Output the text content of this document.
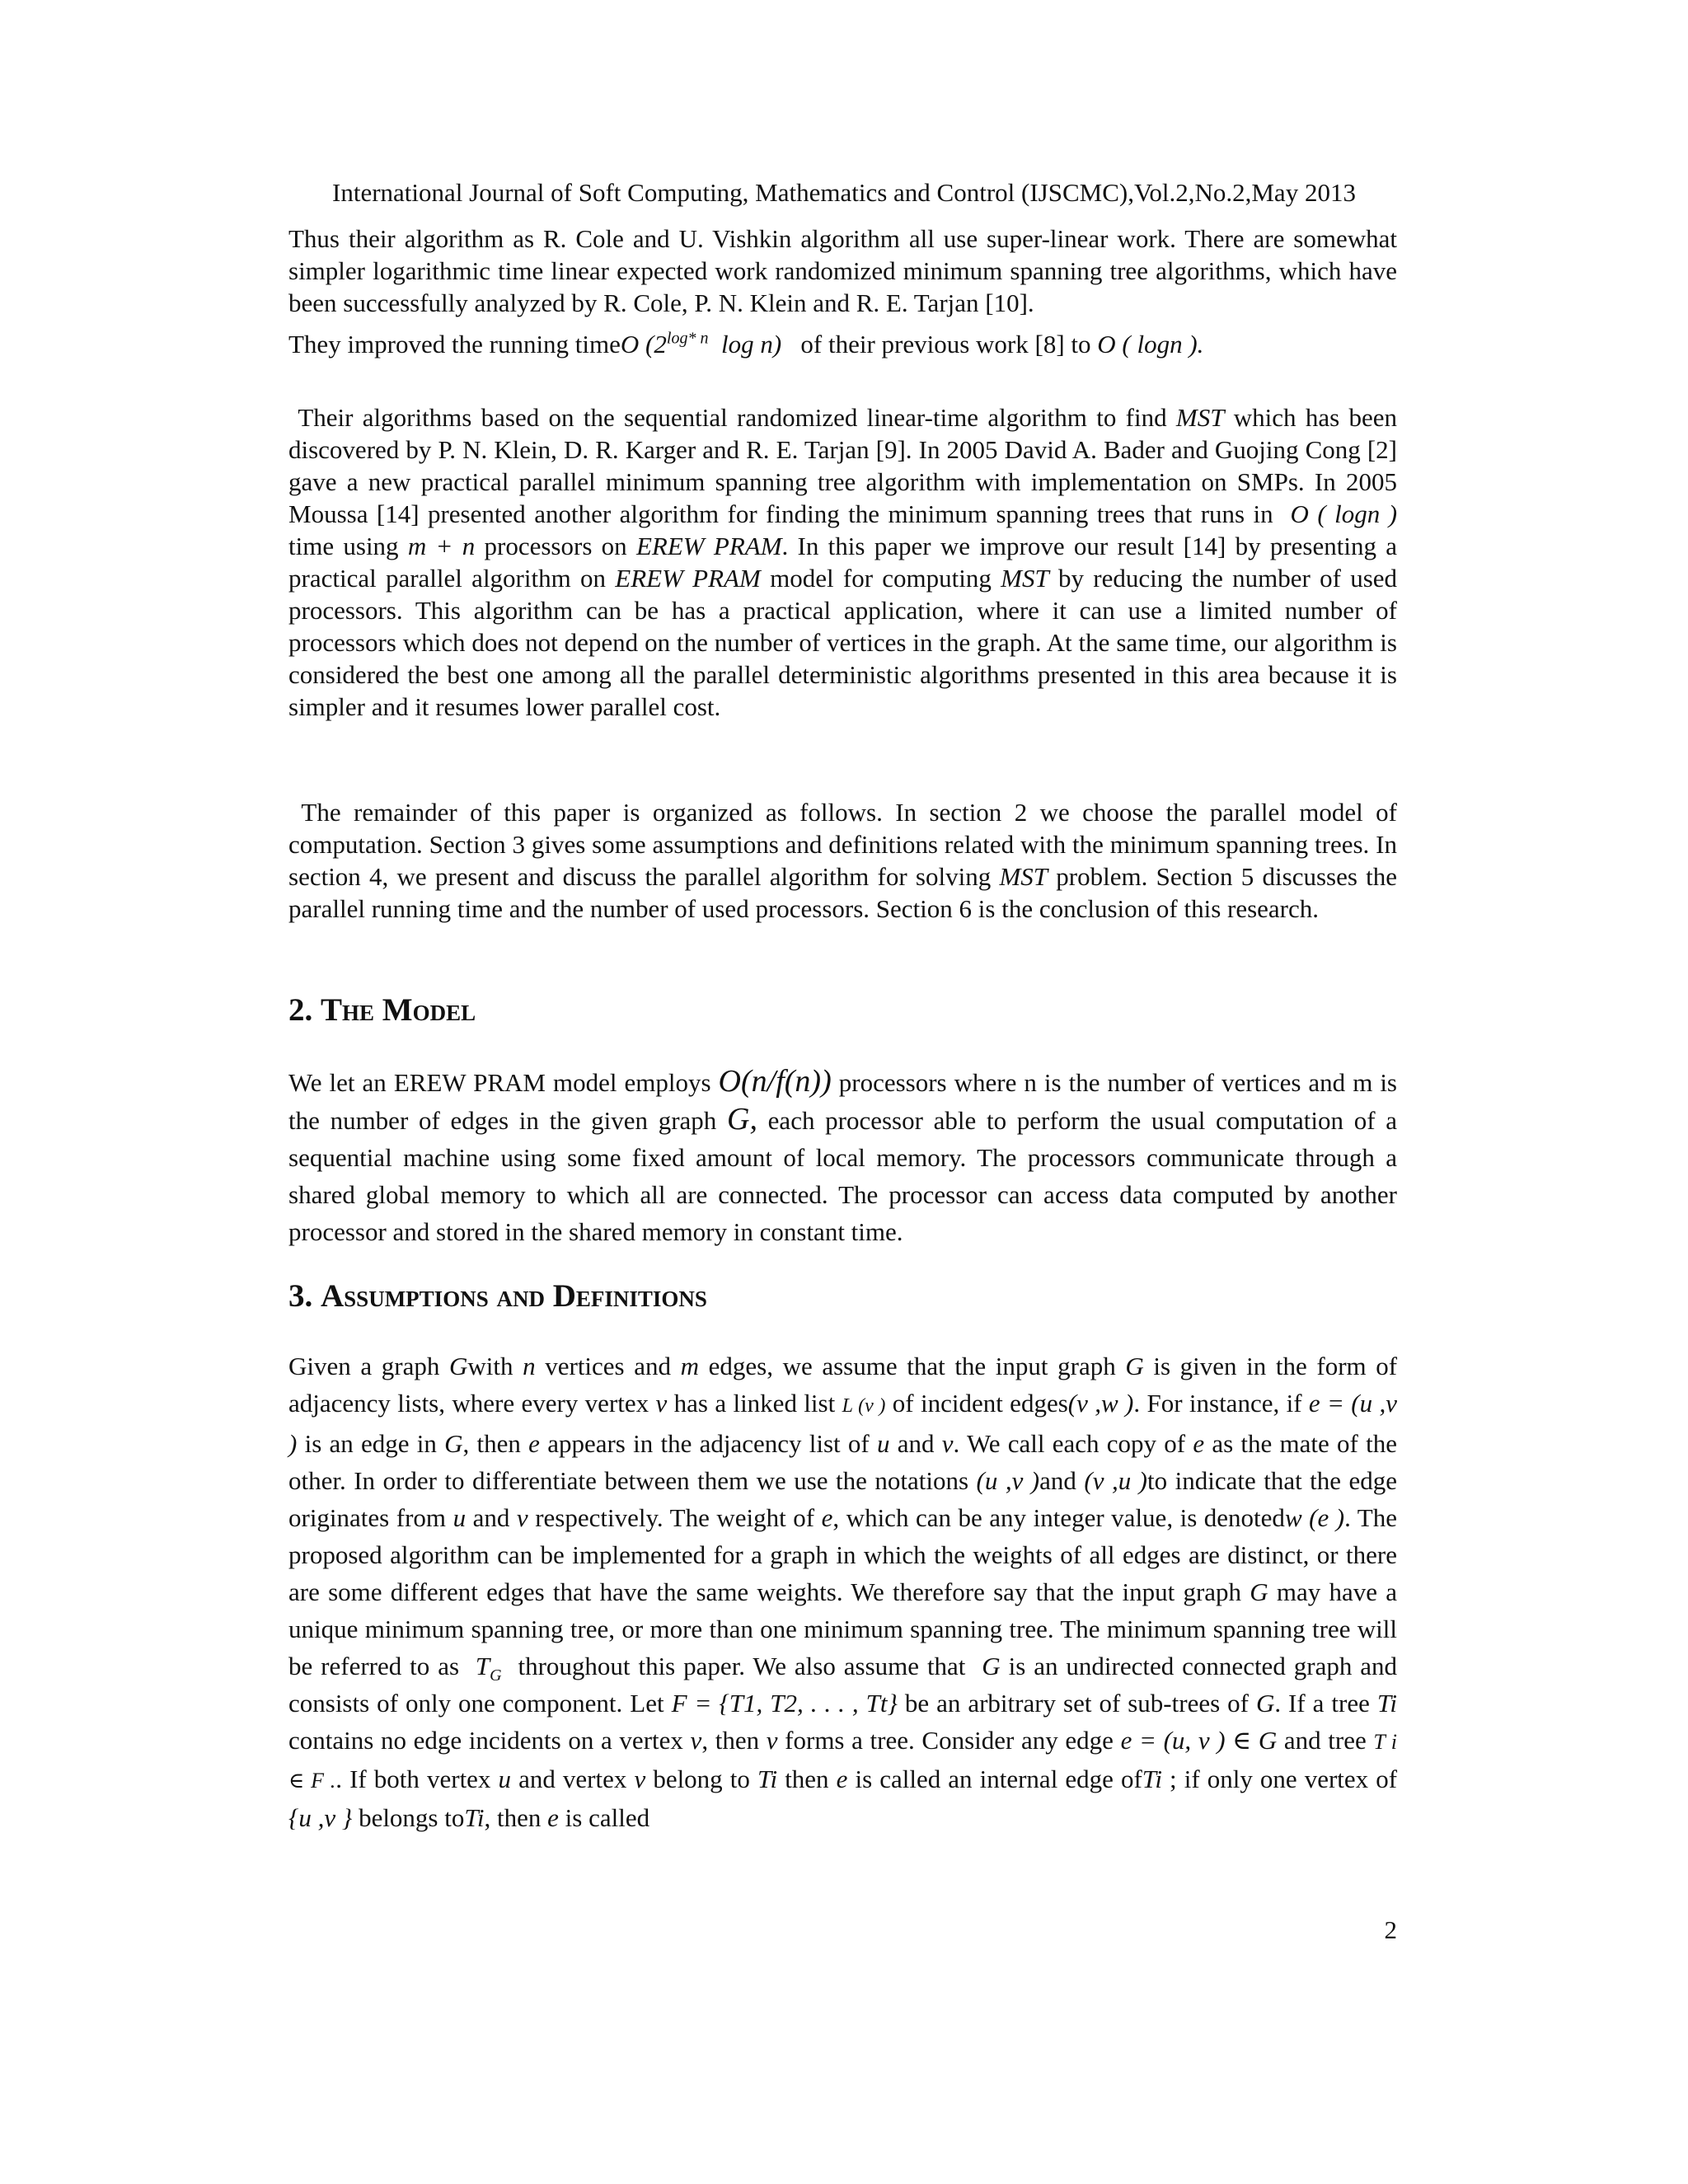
International Journal of Soft Computing, Mathematics and Control (IJSCMC),Vol.2,No.2,May 2013

Thus their algorithm as R. Cole and U. Vishkin algorithm all use super-linear work. There are somewhat simpler logarithmic time linear expected work randomized minimum spanning tree algorithms, which have been successfully analyzed by R. Cole, P. N. Klein and R. E. Tarjan [10].

They improved the running timeO ($2^{log* n}$ log n) of their previous work [8] to O ( logn ).

Their algorithms based on the sequential randomized linear-time algorithm to find MST which has been discovered by P. N. Klein, D. R. Karger and R. E. Tarjan [9]. In 2005 David A. Bader and Guojing Cong [2] gave a new practical parallel minimum spanning tree algorithm with implementation on SMPs. In 2005 Moussa [14] presented another algorithm for finding the minimum spanning trees that runs in O ( logn ) time using m + n processors on EREW PRAM. In this paper we improve our result [14] by presenting a practical parallel algorithm on EREW PRAM model for computing MST by reducing the number of used processors. This algorithm can be has a practical application, where it can use a limited number of processors which does not depend on the number of vertices in the graph. At the same time, our algorithm is considered the best one among all the parallel deterministic algorithms presented in this area because it is simpler and it resumes lower parallel cost.

The remainder of this paper is organized as follows. In section 2 we choose the parallel model of computation. Section 3 gives some assumptions and definitions related with the minimum spanning trees. In section 4, we present and discuss the parallel algorithm for solving MST problem. Section 5 discusses the parallel running time and the number of used processors. Section 6 is the conclusion of this research.

2. The Model

We let an EREW PRAM model employs O(n/f(n)) processors where n is the number of vertices and m is the number of edges in the given graph G, each processor able to perform the usual computation of a sequential machine using some fixed amount of local memory. The processors communicate through a shared global memory to which all are connected. The processor can access data computed by another processor and stored in the shared memory in constant time.

3. Assumptions and Definitions

Given a graph Gwith n vertices and m edges, we assume that the input graph G is given in the form of adjacency lists, where every vertex v has a linked list L (v ) of incident edges(v ,w ). For instance, if e = (u ,v ) is an edge in G, then e appears in the adjacency list of u and v. We call each copy of e as the mate of the other. In order to differentiate between them we use the notations (u ,v )and (v ,u )to indicate that the edge originates from u and v respectively. The weight of e, which can be any integer value, is denotedw (e ). The proposed algorithm can be implemented for a graph in which the weights of all edges are distinct, or there are some different edges that have the same weights. We therefore say that the input graph G may have a unique minimum spanning tree, or more than one minimum spanning tree. The minimum spanning tree will be referred to as $T_G$ throughout this paper. We also assume that G is an undirected connected graph and consists of only one component. Let F = {T1, T2, . . . , Tt} be an arbitrary set of sub-trees of G. If a tree Ti contains no edge incidents on a vertex v, then v forms a tree. Consider any edge e = (u, v ) ∈ G and tree T i ∈ F .. If both vertex u and vertex v belong to Ti then e is called an internal edge ofTi ; if only one vertex of {u ,v } belongs toTi, then e is called

2
